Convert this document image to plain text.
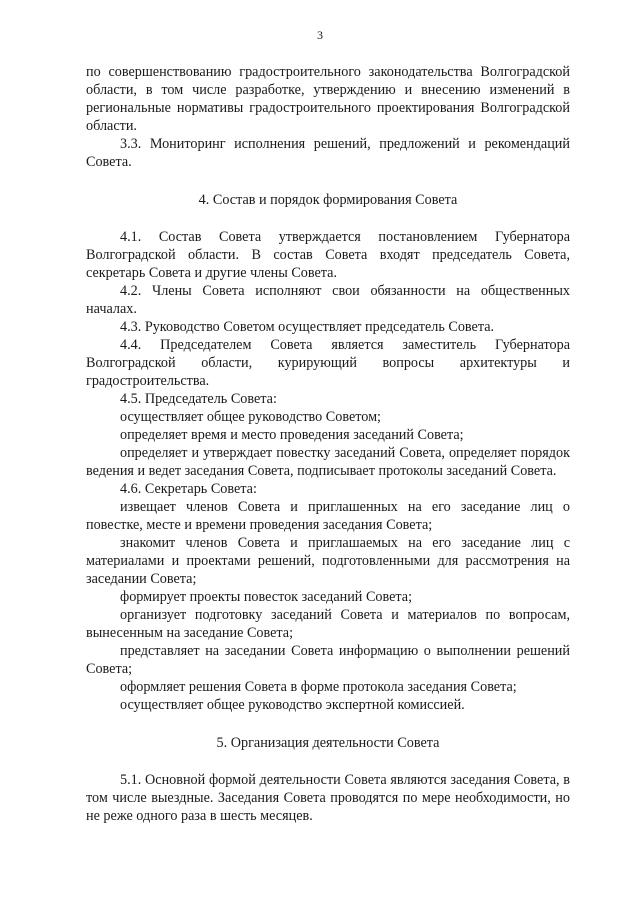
3

по совершенствованию градостроительного законодательства Волгоградской области, в том числе разработке, утверждению и внесению изменений в региональные нормативы градостроительного проектирования Волгоградской области.

3.3. Мониторинг исполнения решений, предложений и рекомендаций Совета.

4. Состав и порядок формирования Совета

4.1. Состав Совета утверждается постановлением Губернатора Волгоградской области. В состав Совета входят председатель Совета, секретарь Совета и другие члены Совета.

4.2. Члены Совета исполняют свои обязанности на общественных началах.

4.3. Руководство Советом осуществляет председатель Совета.

4.4. Председателем Совета является заместитель Губернатора Волгоградской области, курирующий вопросы архитектуры и градостроительства.

4.5. Председатель Совета:

осуществляет общее руководство Советом;

определяет время и место проведения заседаний Совета;

определяет и утверждает повестку заседаний Совета, определяет порядок ведения и ведет заседания Совета, подписывает протоколы заседаний Совета.

4.6. Секретарь Совета:

извещает членов Совета и приглашенных на его заседание лиц о повестке, месте и времени проведения заседания Совета;

знакомит членов Совета и приглашаемых на его заседание лиц с материалами и проектами решений, подготовленными для рассмотрения на заседании Совета;

формирует проекты повесток заседаний Совета;

организует подготовку заседаний Совета и материалов по вопросам, вынесенным на заседание Совета;

представляет на заседании Совета информацию о выполнении решений Совета;

оформляет решения Совета в форме протокола заседания Совета;

осуществляет общее руководство экспертной комиссией.

5. Организация деятельности Совета

5.1. Основной формой деятельности Совета являются заседания Совета, в том числе выездные. Заседания Совета проводятся по мере необходимости, но не реже одного раза в шесть месяцев.
